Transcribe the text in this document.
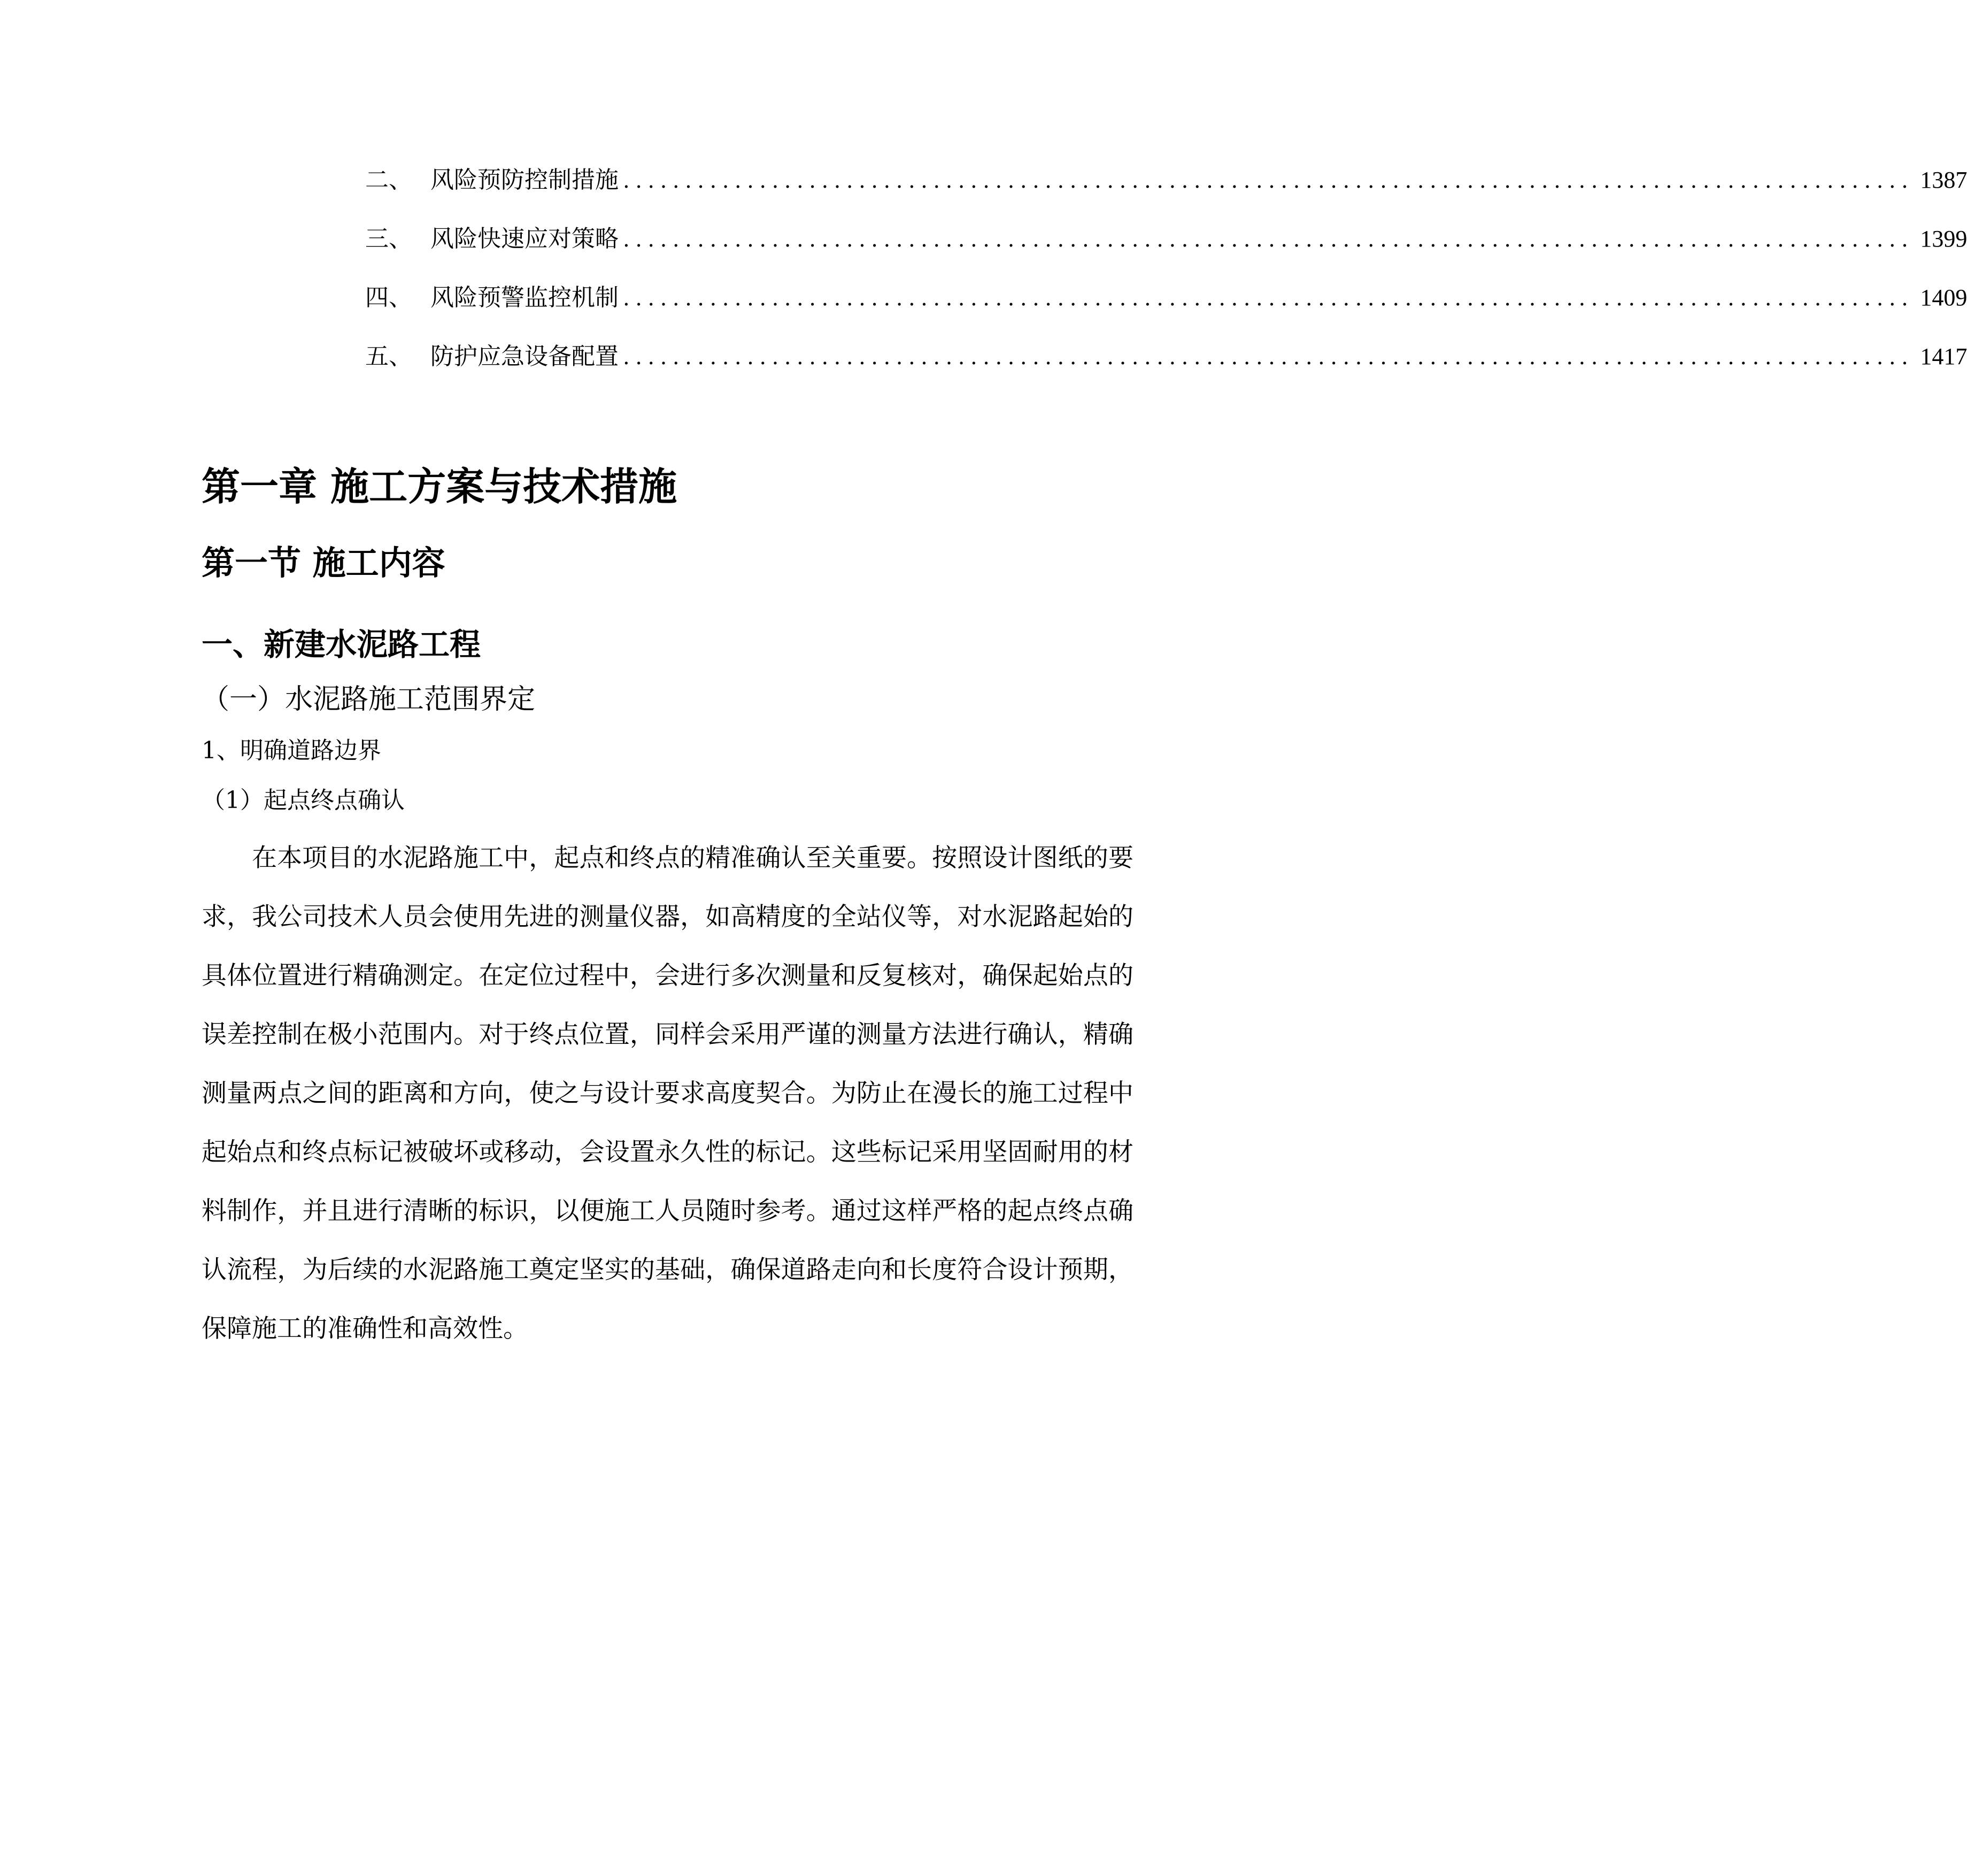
二、 风险预防控制措施 ........................................................................................................ 1387
三、 风险快速应对策略 ........................................................................................................ 1399
四、 风险预警监控机制 ........................................................................................................ 1409
五、 防护应急设备配置 ........................................................................................................ 1417
第一章 施工方案与技术措施
第一节 施工内容
一、新建水泥路工程
（一）水泥路施工范围界定
1、明确道路边界
（1）起点终点确认

在本项目的水泥路施工中，起点和终点的精准确认至关重要。按照设计图纸的要求，我公司技术人员会使用先进的测量仪器，如高精度的全站仪等，对水泥路起始的具体位置进行精确测定。在定位过程中，会进行多次测量和反复核对，确保起始点的误差控制在极小范围内。对于终点位置，同样会采用严谨的测量方法进行确认，精确测量两点之间的距离和方向，使之与设计要求高度契合。为防止在漫长的施工过程中起始点和终点标记被破坏或移动，会设置永久性的标记。这些标记采用坚固耐用的材料制作，并且进行清晰的标识，以便施工人员随时参考。通过这样严格的起点终点确认流程，为后续的水泥路施工奠定坚实的基础，确保道路走向和长度符合设计预期，保障施工的准确性和高效性。
